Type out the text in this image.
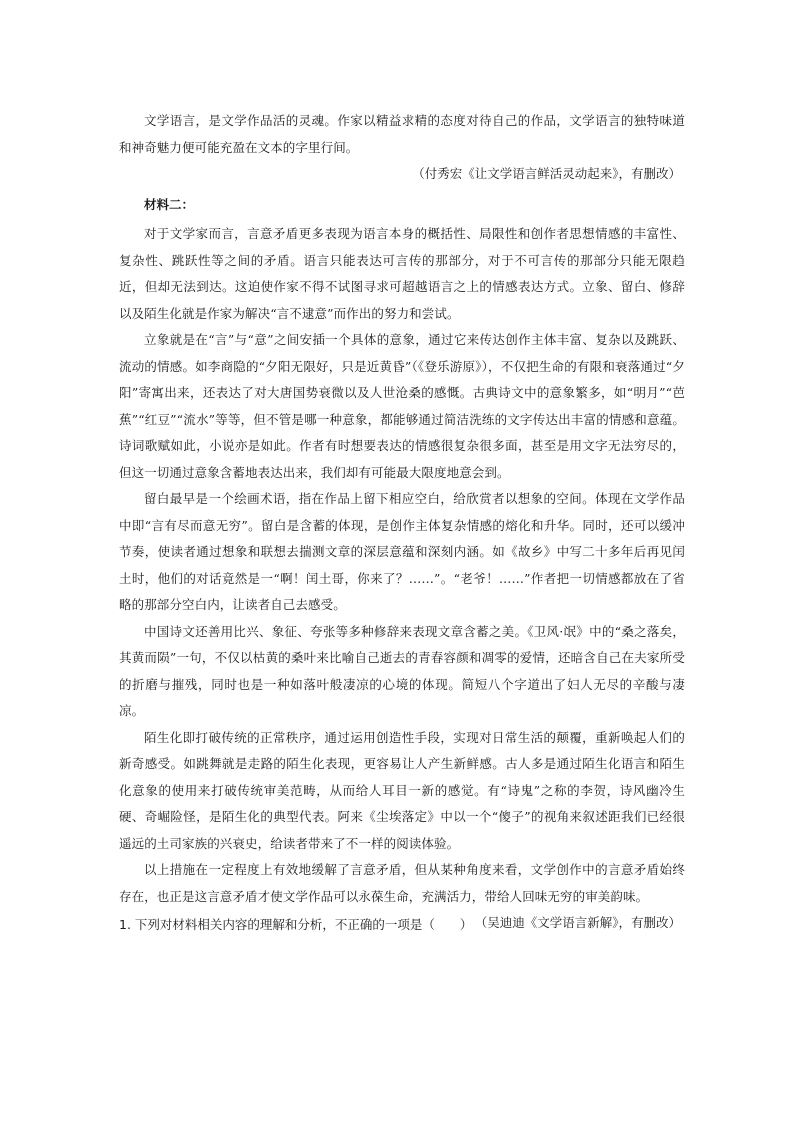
文学语言，是文学作品活的灵魂。作家以精益求精的态度对待自己的作品，文学语言的独特味道和神奇魅力便可能充盈在文本的字里行间。

（付秀宏《让文学语言鲜活灵动起来》，有删改）

材料二：

对于文学家而言，言意矛盾更多表现为语言本身的概括性、局限性和创作者思想情感的丰富性、复杂性、跳跃性等之间的矛盾。语言只能表达可言传的那部分，对于不可言传的那部分只能无限趋近，但却无法到达。这迫使作家不得不试图寻求可超越语言之上的情感表达方式。立象、留白、修辞以及陌生化就是作家为解决“言不逮意”而作出的努力和尝试。

立象就是在“言”与“意”之间安插一个具体的意象，通过它来传达创作主体丰富、复杂以及跳跃、流动的情感。如李商隐的“夕阳无限好，只是近黄昏”（《登乐游原》），不仅把生命的有限和衰落通过“夕阳”寄寓出来，还表达了对大唐国势衰微以及人世沧桑的感慨。古典诗文中的意象繁多，如“明月”“芭蕉”“红豆”“流水”等等，但不管是哪一种意象，都能够通过简洁洗练的文字传达出丰富的情感和意蕴。诗词歌赋如此，小说亦是如此。作者有时想要表达的情感很复杂很多面，甚至是用文字无法穷尽的，但这一切通过意象含蓄地表达出来，我们却有可能最大限度地意会到。

留白最早是一个绘画术语，指在作品上留下相应空白，给欣赏者以想象的空间。体现在文学作品中即“言有尽而意无穷”。留白是含蓄的体现，是创作主体复杂情感的熔化和升华。同时，还可以缓冲节奏，使读者通过想象和联想去揣测文章的深层意蕴和深刻内涵。如《故乡》中写二十多年后再见闰土时，他们的对话竟然是一“啊！闰土哥，你来了？……”。“老爷！……”作者把一切情感都放在了省略的那部分空白内，让读者自己去感受。

中国诗文还善用比兴、象征、夸张等多种修辞来表现文章含蓄之美。《卫风·氓》中的“桑之落矣，其黄而陨”一句，不仅以枯黄的桑叶来比喻自己逝去的青春容颜和凋零的爱情，还暗含自己在夫家所受的折磨与摧残，同时也是一种如落叶般凄凉的心境的体现。简短八个字道出了妇人无尽的辛酸与凄凉。

陌生化即打破传统的正常秩序，通过运用创造性手段，实现对日常生活的颠覆，重新唤起人们的新奇感受。如跳舞就是走路的陌生化表现，更容易让人产生新鲜感。古人多是通过陌生化语言和陌生化意象的使用来打破传统审美范畴，从而给人耳目一新的感觉。有“诗鬼”之称的李贺，诗风幽冷生硬、奇崛险怪，是陌生化的典型代表。阿来《尘埃落定》中以一个“傻子”的视角来叙述距我们已经很遥远的土司家族的兴衰史，给读者带来了不一样的阅读体验。

以上措施在一定程度上有效地缓解了言意矛盾，但从某种角度来看，文学创作中的言意矛盾始终存在，也正是这言意矛盾才使文学作品可以永葆生命，充满活力，带给人回味无穷的审美韵味。

（吴迪迪《文学语言新解》，有删改）

1. 下列对材料相关内容的理解和分析，不正确的一项是（　　）
